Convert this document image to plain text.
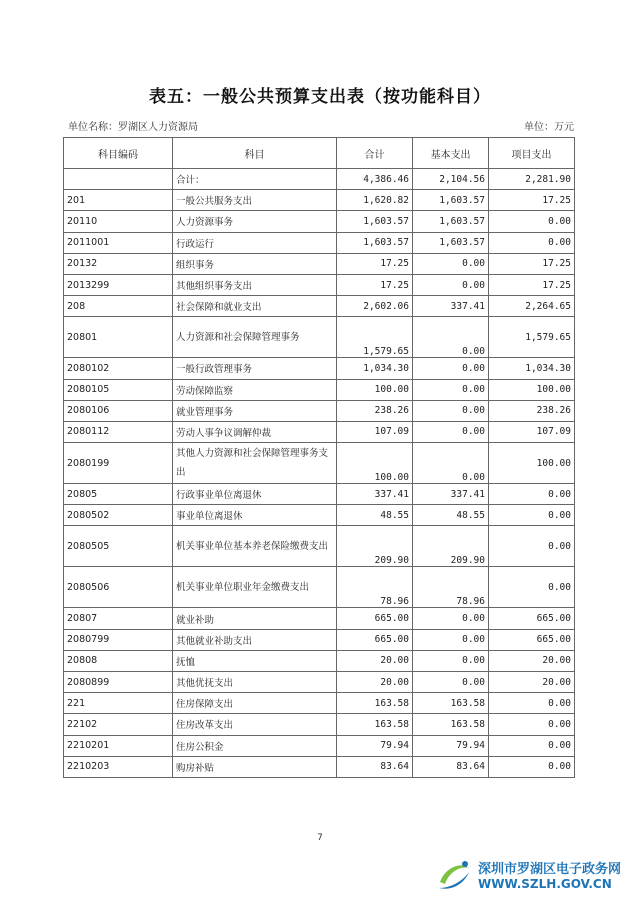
表五：一般公共预算支出表（按功能科目）
单位名称：罗湖区人力资源局	单位：万元
科目编码	科目	合计	基本支出	项目支出
	合计：	4,386.46	2,104.56	2,281.90
201	一般公共服务支出	1,620.82	1,603.57	17.25
20110	人力资源事务	1,603.57	1,603.57	0.00
2011001	行政运行	1,603.57	1,603.57	0.00
20132	组织事务	17.25	0.00	17.25
2013299	其他组织事务支出	17.25	0.00	17.25
208	社会保障和就业支出	2,602.06	337.41	2,264.65
20801	人力资源和社会保障管理事务	1,579.65	0.00	1,579.65
2080102	一般行政管理事务	1,034.30	0.00	1,034.30
2080105	劳动保障监察	100.00	0.00	100.00
2080106	就业管理事务	238.26	0.00	238.26
2080112	劳动人事争议调解仲裁	107.09	0.00	107.09
2080199	其他人力资源和社会保障管理事务支出	100.00	0.00	100.00
20805	行政事业单位离退休	337.41	337.41	0.00
2080502	事业单位离退休	48.55	48.55	0.00
2080505	机关事业单位基本养老保险缴费支出	209.90	209.90	0.00
2080506	机关事业单位职业年金缴费支出	78.96	78.96	0.00
20807	就业补助	665.00	0.00	665.00
2080799	其他就业补助支出	665.00	0.00	665.00
20808	抚恤	20.00	0.00	20.00
2080899	其他优抚支出	20.00	0.00	20.00
221	住房保障支出	163.58	163.58	0.00
22102	住房改革支出	163.58	163.58	0.00
2210201	住房公积金	79.94	79.94	0.00
2210203	购房补贴	83.64	83.64	0.00
7
深圳市罗湖区电子政务网
WWW.SZLH.GOV.CN
